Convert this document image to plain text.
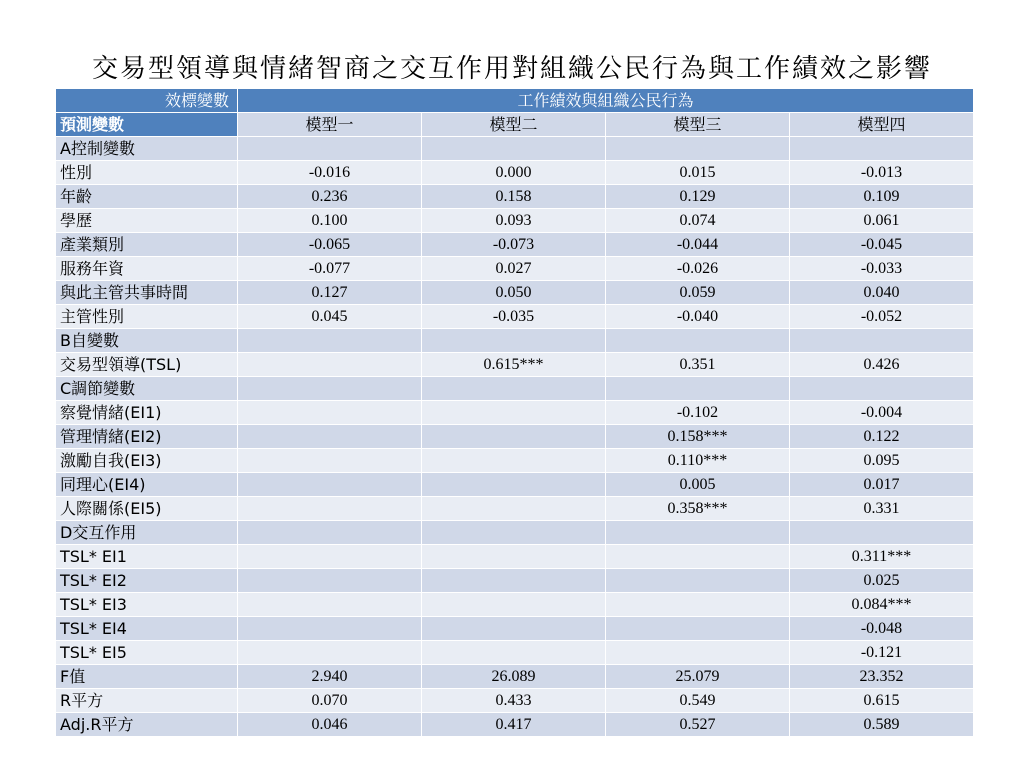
交易型領導與情緒智商之交互作用對組織公民行為與工作績效之影響
效標變數	工作績效與組織公民行為			
預測變數	模型一	模型二	模型三	模型四
A控制變數				
性別	-0.016	0.000	0.015	-0.013
年齡	0.236	0.158	0.129	0.109
學歷	0.100	0.093	0.074	0.061
產業類別	-0.065	-0.073	-0.044	-0.045
服務年資	-0.077	0.027	-0.026	-0.033
與此主管共事時間	0.127	0.050	0.059	0.040
主管性別	0.045	-0.035	-0.040	-0.052
B自變數				
交易型領導(TSL)		0.615***	0.351	0.426
C調節變數				
察覺情緒(EI1)			-0.102	-0.004
管理情緒(EI2)			0.158***	0.122
激勵自我(EI3)			0.110***	0.095
同理心(EI4)			0.005	0.017
人際關係(EI5)			0.358***	0.331
D交互作用				
TSL* EI1				0.311***
TSL* EI2				0.025
TSL* EI3				0.084***
TSL* EI4				-0.048
TSL* EI5				-0.121
F值	2.940	26.089	25.079	23.352
R平方	0.070	0.433	0.549	0.615
Adj.R平方	0.046	0.417	0.527	0.589
